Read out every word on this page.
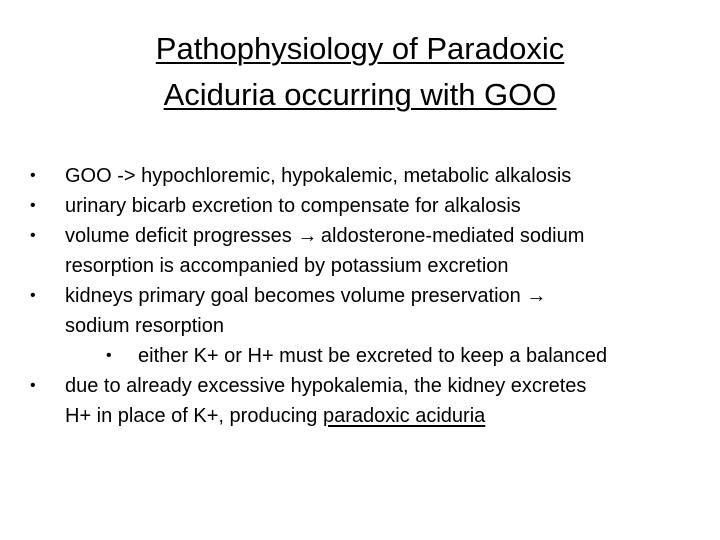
Pathophysiology of Paradoxic
Aciduria occurring with GOO
•	GOO -> hypochloremic, hypokalemic, metabolic alkalosis
•	urinary bicarb excretion to compensate for alkalosis
•	volume deficit progresses → aldosterone-mediated sodium
resorption is accompanied by potassium excretion
•	kidneys primary goal becomes volume preservation →
sodium resorption
•	either K+ or H+ must be excreted to keep a balanced
•	due to already excessive hypokalemia, the kidney excretes
H+ in place of K+, producing paradoxic aciduria
